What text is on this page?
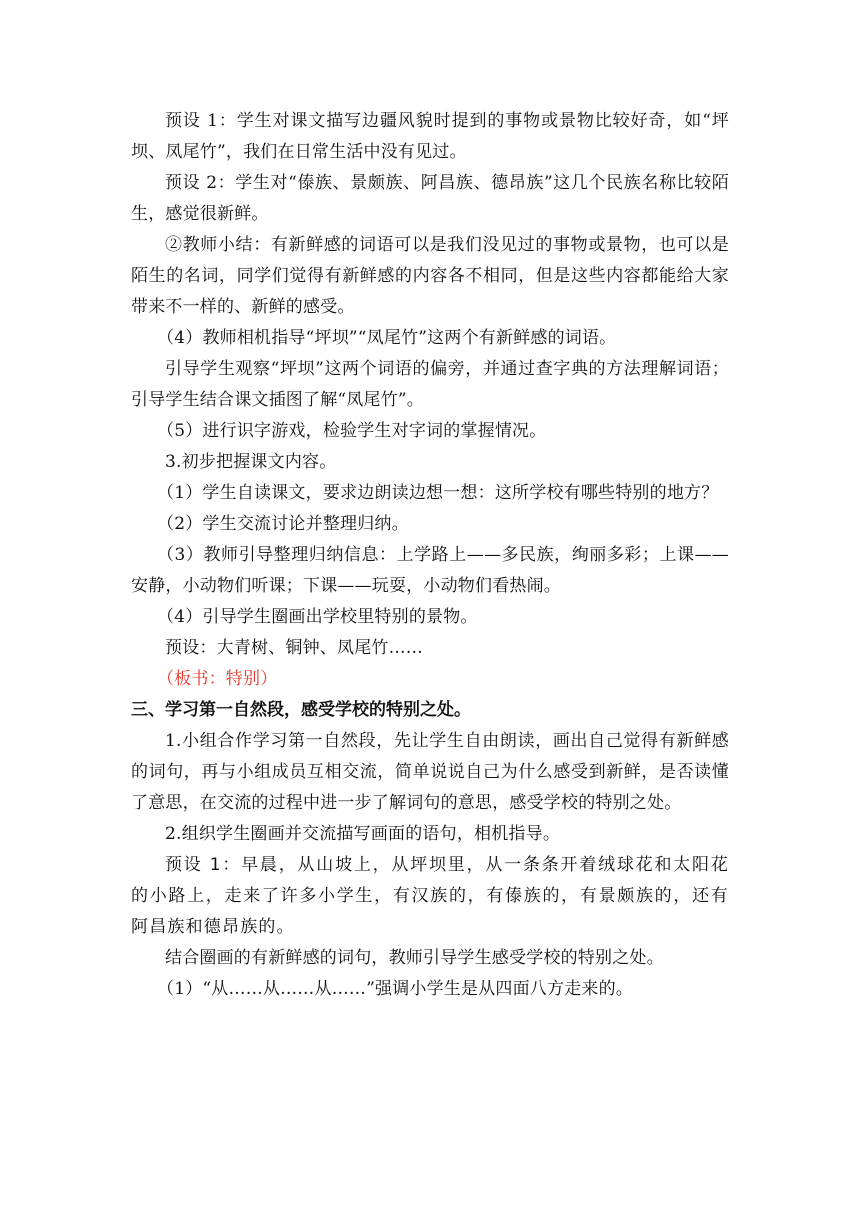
预设 1：学生对课文描写边疆风貌时提到的事物或景物比较好奇，如“坪坝、凤尾竹”，我们在日常生活中没有见过。

预设 2：学生对“傣族、景颇族、阿昌族、德昂族”这几个民族名称比较陌生，感觉很新鲜。

②教师小结：有新鲜感的词语可以是我们没见过的事物或景物，也可以是陌生的名词，同学们觉得有新鲜感的内容各不相同，但是这些内容都能给大家带来不一样的、新鲜的感受。

（4）教师相机指导“坪坝”“凤尾竹”这两个有新鲜感的词语。

引导学生观察“坪坝”这两个词语的偏旁，并通过查字典的方法理解词语；引导学生结合课文插图了解“凤尾竹”。

（5）进行识字游戏，检验学生对字词的掌握情况。

3.初步把握课文内容。

（1）学生自读课文，要求边朗读边想一想：这所学校有哪些特别的地方？

（2）学生交流讨论并整理归纳。

（3）教师引导整理归纳信息：上学路上——多民族，绚丽多彩；上课——安静，小动物们听课；下课——玩耍，小动物们看热闹。

（4）引导学生圈画出学校里特别的景物。

预设：大青树、铜钟、凤尾竹……

（板书：特别）

三、学习第一自然段，感受学校的特别之处。

1.小组合作学习第一自然段，先让学生自由朗读，画出自己觉得有新鲜感的词句，再与小组成员互相交流，简单说说自己为什么感受到新鲜，是否读懂了意思，在交流的过程中进一步了解词句的意思，感受学校的特别之处。

2.组织学生圈画并交流描写画面的语句，相机指导。

预设 1：早晨，从山坡上，从坪坝里，从一条条开着绒球花和太阳花的小路上，走来了许多小学生，有汉族的，有傣族的，有景颇族的，还有阿昌族和德昂族的。

结合圈画的有新鲜感的词句，教师引导学生感受学校的特别之处。

（1）“从……从……从……”强调小学生是从四面八方走来的。
